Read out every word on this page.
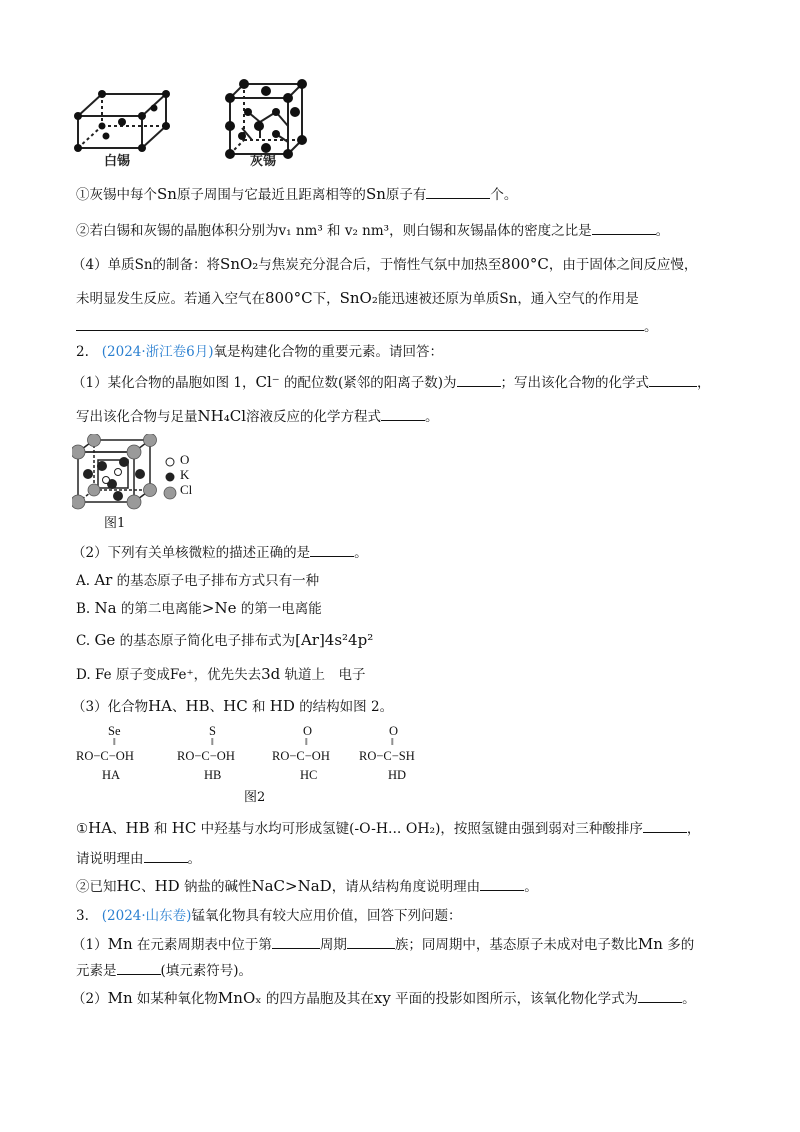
白锡	灰锡
①灰锡中每个Sn原子周围与它最近且距离相等的Sn原子有	个。
②若白锡和灰锡的晶胞体积分别为v₁ nm³ 和 v₂ nm³，则白锡和灰锡晶体的密度之比是	。
（4）单质Sn的制备：将SnO₂与焦炭充分混合后，于惰性气氛中加热至800°C，由于固体之间反应慢，
未明显发生反应。若通入空气在800°C下，SnO₂能迅速被还原为单质Sn，通入空气的作用是
。
2. (2024·浙江卷6月)氧是构建化合物的重要元素。请回答：
（1）某化合物的晶胞如图 1，Cl⁻ 的配位数(紧邻的阳离子数)为	；写出该化合物的化学式	，
写出该化合物与足量NH₄Cl溶液反应的化学方程式	。
O
K
Cl
图1
（2）下列有关单核微粒的描述正确的是	。
A. Ar 的基态原子电子排布方式只有一种
B. Na 的第二电离能>Ne 的第一电离能
C. Ge 的基态原子简化电子排布式为[Ar]4s²4p²
D. Fe 原子变成Fe⁺，优先失去3d 轨道上　电子
（3）化合物HA、HB、HC 和 HD 的结构如图 2。
Se
‖
RO−C−OH
HA
S
‖
RO−C−OH
HB
O
‖
RO−C−OH
HC
O
‖
RO−C−SH
HD
图2
①HA、HB 和 HC 中羟基与水均可形成氢键(-O-H... OH₂)，按照氢键由强到弱对三种酸排序	，
请说明理由	。
②已知HC、HD 钠盐的碱性NaC>NaD，请从结构角度说明理由	。
3. (2024·山东卷)锰氧化物具有较大应用价值，回答下列问题：
（1）Mn 在元素周期表中位于第	周期	族；同周期中，基态原子未成对电子数比Mn 多的
元素是	(填元素符号)。
（2）Mn 如某种氧化物MnOₓ 的四方晶胞及其在xy 平面的投影如图所示，该氧化物化学式为	。
